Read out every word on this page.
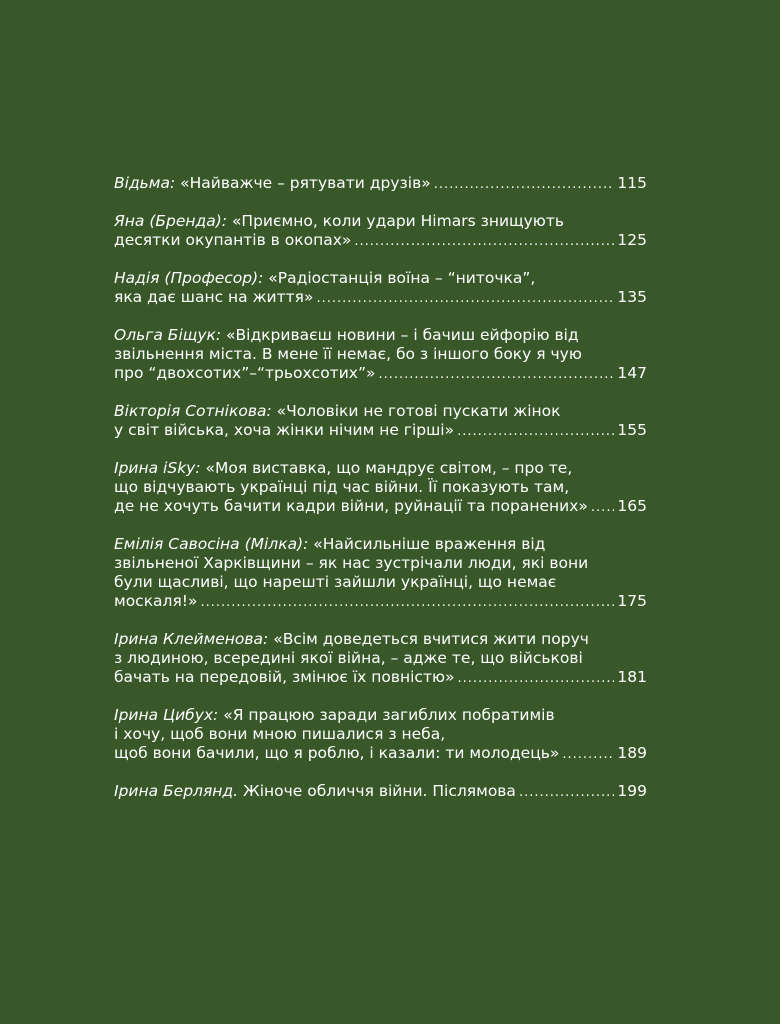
Відьма: «Найважче – рятувати друзів» .....	115
Яна (Бренда): «Приємно, коли удари Himars знищують
десятки окупантів в окопах» .....	125
Надія (Професор): «Радіостанція воїна – “ниточка”,
яка дає шанс на життя» .....	135
Ольга Біщук: «Відкриваєш новини – і бачиш ейфорію від
звільнення міста. В мене її немає, бо з іншого боку я чую
про “двохсотих”–“трьохсотих”» .....	147
Вікторія Сотнікова: «Чоловіки не готові пускати жінок
у світ війська, хоча жінки нічим не гірші» .....	155
Ірина iSky: «Моя виставка, що мандрує світом, – про те,
що відчувають українці під час війни. Її показують там,
де не хочуть бачити кадри війни, руйнації та поранених» ..... 165
Емілія Савосіна (Мілка): «Найсильніше враження від
звільненої Харківщини – як нас зустрічали люди, які вони
були щасливі, що нарешті зайшли українці, що немає
москаля!» .....	175
Ірина Клейменова: «Всім доведеться вчитися жити поруч
з людиною, всередині якої війна, – адже те, що військові
бачать на передовій, змінює їх повністю» .....	181
Ірина Цибух: «Я працюю заради загиблих побратимів
і хочу, щоб вони мною пишалися з неба,
щоб вони бачили, що я роблю, і казали: ти молодець» .....	189
Ірина Берлянд. Жіноче обличчя війни. Післямова .....	199
